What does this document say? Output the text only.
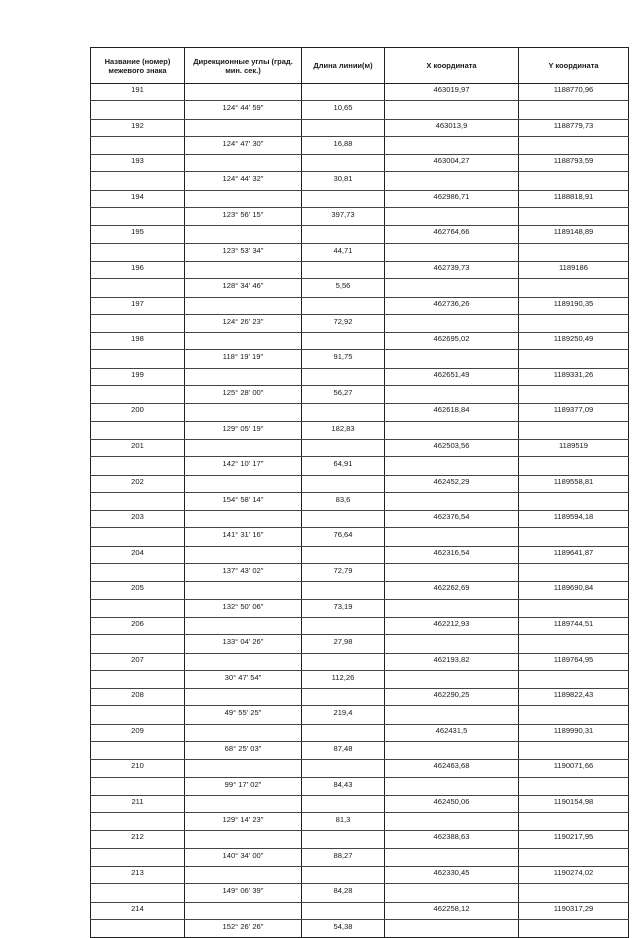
Название (номер) межевого знака	Дирекционные углы (град. мин. сек.)	Длина линии(м)	X координата	Y координата
191			463019,97	1188770,96
	124° 44' 59"	10,65		
192			463013,9	1188779,73
	124° 47' 30"	16,88		
193			463004,27	1188793,59
	124° 44' 32"	30,81		
194			462986,71	1188818,91
	123° 56' 15"	397,73		
195			462764,66	1189148,89
	123° 53' 34"	44,71		
196			462739,73	1189186
	128° 34' 46"	5,56		
197			462736,26	1189190,35
	124° 26' 23"	72,92		
198			462695,02	1189250,49
	118° 19' 19"	91,75		
199			462651,49	1189331,26
	125° 28' 00"	56,27		
200			462618,84	1189377,09
	129° 05' 19"	182,83		
201			462503,56	1189519
	142° 10' 17"	64,91		
202			462452,29	1189558,81
	154° 58' 14"	83,6		
203			462376,54	1189594,18
	141° 31' 16"	76,64		
204			462316,54	1189641,87
	137° 43' 02"	72,79		
205			462262,69	1189690,84
	132° 50' 06"	73,19		
206			462212,93	1189744,51
	133° 04' 26"	27,98		
207			462193,82	1189764,95
	30° 47' 54"	112,26		
208			462290,25	1189822,43
	49° 55' 25"	219,4		
209			462431,5	1189990,31
	68° 25' 03"	87,48		
210			462463,68	1190071,66
	99° 17' 02"	84,43		
211			462450,06	1190154,98
	129° 14' 23"	81,3		
212			462388,63	1190217,95
	140° 34' 00"	88,27		
213			462330,45	1190274,02
	149° 06' 39"	84,28		
214			462258,12	1190317,29
	152° 26' 26"	54,38		
